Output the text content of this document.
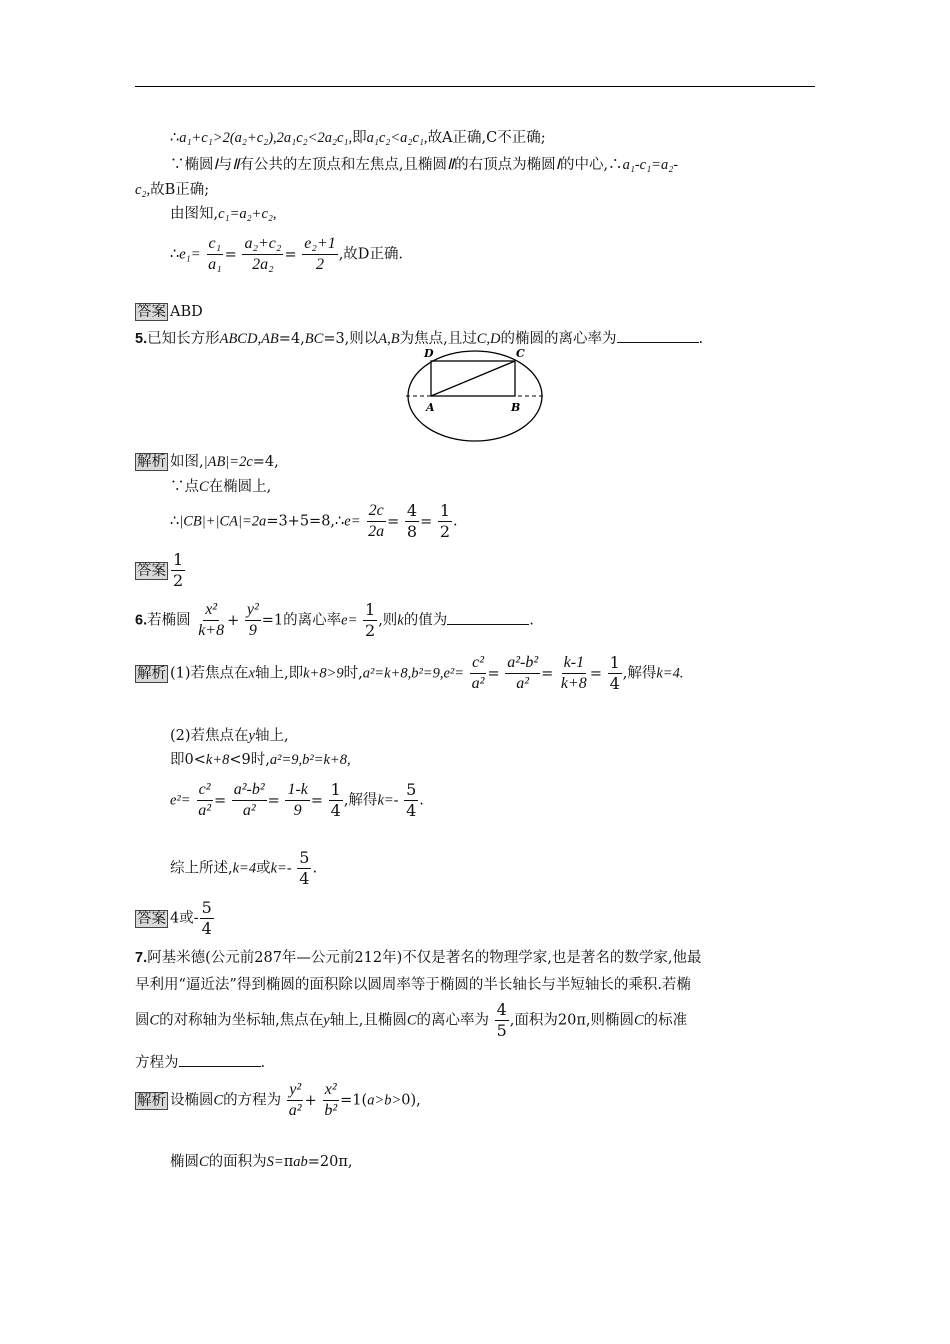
∴a₁+c₁>2(a₂+c₂),2a₁c₂<2a₂c₁,即a₁c₂<a₂c₁,故A正确,C不正确;
∵椭圆Ⅰ与Ⅱ有公共的左顶点和左焦点,且椭圆Ⅱ的右顶点为椭圆Ⅰ的中心,∴a₁-c₁=a₂-
c₂,故B正确;
由图知,c₁=a₂+c₂,
∴e₁= $\frac{\text{c₁}}{\text{a₁}} = \frac{\text{a₂+c₂}}{\text{2a₂}} = \frac{\text{e₂+1}}{2}$ ,故D正确.
答案 ABD
5.已知长方形ABCD,AB=4,BC=3,则以A,B为焦点,且过C,D的椭圆的离心率为	.
D	C
A	B
解析 如图,|AB|=2c=4,
∵点C在椭圆上,
∴|CB|+|CA|=2a=3+5=8,∴e= $\frac{2c}{2a} = \frac{4}{8} = \frac{1}{2}$ .
答案 $\frac{1}{2}$
6.若椭圆 $\frac{\text{x²}}{k+8} + \frac{\text{y²}}{9} =1$的离心率$e= \frac{1}{2}$ ,则k的值为	.
解析 (1)若焦点在x轴上,即k+8>9时$,a^2=k+8,b^2=9,e^2= \frac{\text{c²}}{\text{a²}} = \frac{\text{a²-b²}}{\text{a²}} = \frac{k-1}{k+8} = \frac{1}{4}$ ,解得k=4.
(2)若焦点在y轴上,
即0<k+8<9时,a²=9,b²=k+8,
$e^2= \frac{\text{c²}}{\text{a²}} = \frac{\text{a²-b²}}{\text{a²}} = \frac{1-k}{9} = \frac{1}{4}$ ,解得$k=- \frac{5}{4}$ .
综上所述,k=4或$k=- \frac{5}{4}$ .
答案 4或- $\frac{5}{4}$
7.阿基米德(公元前287年—公元前212年)不仅是著名的物理学家,也是著名的数学家,他最
早利用“逼近法”得到椭圆的面积除以圆周率等于椭圆的半长轴长与半短轴长的乘积.若椭
圆C的对称轴为坐标轴,焦点在y轴上,且椭圆C的离心率为 $\frac{4}{5}$ ,面积为20π,则椭圆C的标准
方程为	.
解析 设椭圆C的方程为 $\frac{\text{y²}}{\text{a²}} + \frac{\text{x²}}{\text{b²}} =1(a>b>0)$,
椭圆C的面积为S=πab=20π,
